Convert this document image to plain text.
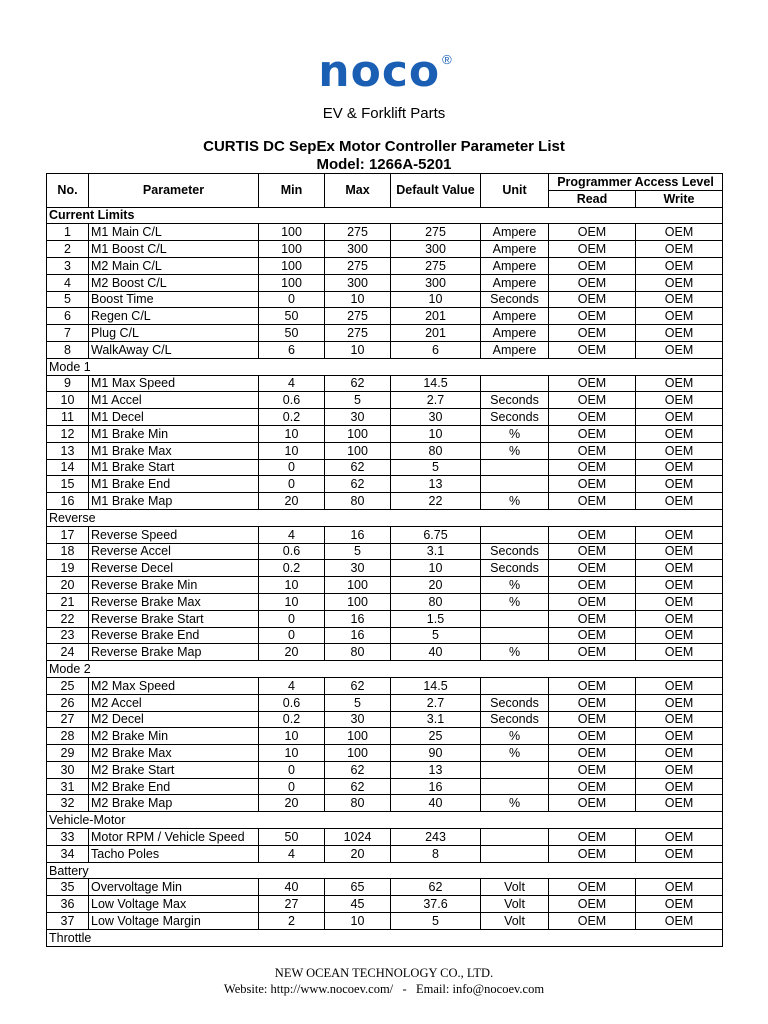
noco ®
EV & Forklift Parts
CURTIS DC SepEx Motor Controller Parameter List
Model: 1266A-5201
No.	Parameter	Min	Max	Default Value	Unit	Programmer Access Level	
						Read	Write
Current Limits							
1	M1 Main C/L	100	275	275	Ampere	OEM	OEM
2	M1 Boost C/L	100	300	300	Ampere	OEM	OEM
3	M2 Main C/L	100	275	275	Ampere	OEM	OEM
4	M2 Boost C/L	100	300	300	Ampere	OEM	OEM
5	Boost Time	0	10	10	Seconds	OEM	OEM
6	Regen C/L	50	275	201	Ampere	OEM	OEM
7	Plug C/L	50	275	201	Ampere	OEM	OEM
8	WalkAway C/L	6	10	6	Ampere	OEM	OEM
Mode 1							
9	M1 Max Speed	4	62	14.5		OEM	OEM
10	M1 Accel	0.6	5	2.7	Seconds	OEM	OEM
11	M1 Decel	0.2	30	30	Seconds	OEM	OEM
12	M1 Brake Min	10	100	10	%	OEM	OEM
13	M1 Brake Max	10	100	80	%	OEM	OEM
14	M1 Brake Start	0	62	5		OEM	OEM
15	M1 Brake End	0	62	13		OEM	OEM
16	M1 Brake Map	20	80	22	%	OEM	OEM
Reverse							
17	Reverse Speed	4	16	6.75		OEM	OEM
18	Reverse Accel	0.6	5	3.1	Seconds	OEM	OEM
19	Reverse Decel	0.2	30	10	Seconds	OEM	OEM
20	Reverse Brake Min	10	100	20	%	OEM	OEM
21	Reverse Brake Max	10	100	80	%	OEM	OEM
22	Reverse Brake Start	0	16	1.5		OEM	OEM
23	Reverse Brake End	0	16	5		OEM	OEM
24	Reverse Brake Map	20	80	40	%	OEM	OEM
Mode 2							
25	M2 Max Speed	4	62	14.5		OEM	OEM
26	M2 Accel	0.6	5	2.7	Seconds	OEM	OEM
27	M2 Decel	0.2	30	3.1	Seconds	OEM	OEM
28	M2 Brake Min	10	100	25	%	OEM	OEM
29	M2 Brake Max	10	100	90	%	OEM	OEM
30	M2 Brake Start	0	62	13		OEM	OEM
31	M2 Brake End	0	62	16		OEM	OEM
32	M2 Brake Map	20	80	40	%	OEM	OEM
Vehicle-Motor							
33	Motor RPM / Vehicle Speed	50	1024	243		OEM	OEM
34	Tacho Poles	4	20	8		OEM	OEM
Battery							
35	Overvoltage Min	40	65	62	Volt	OEM	OEM
36	Low Voltage Max	27	45	37.6	Volt	OEM	OEM
37	Low Voltage Margin	2	10	5	Volt	OEM	OEM
Throttle							
NEW OCEAN TECHNOLOGY CO., LTD.
Website: http://www.nocoev.com/   -   Email: info@nocoev.com
